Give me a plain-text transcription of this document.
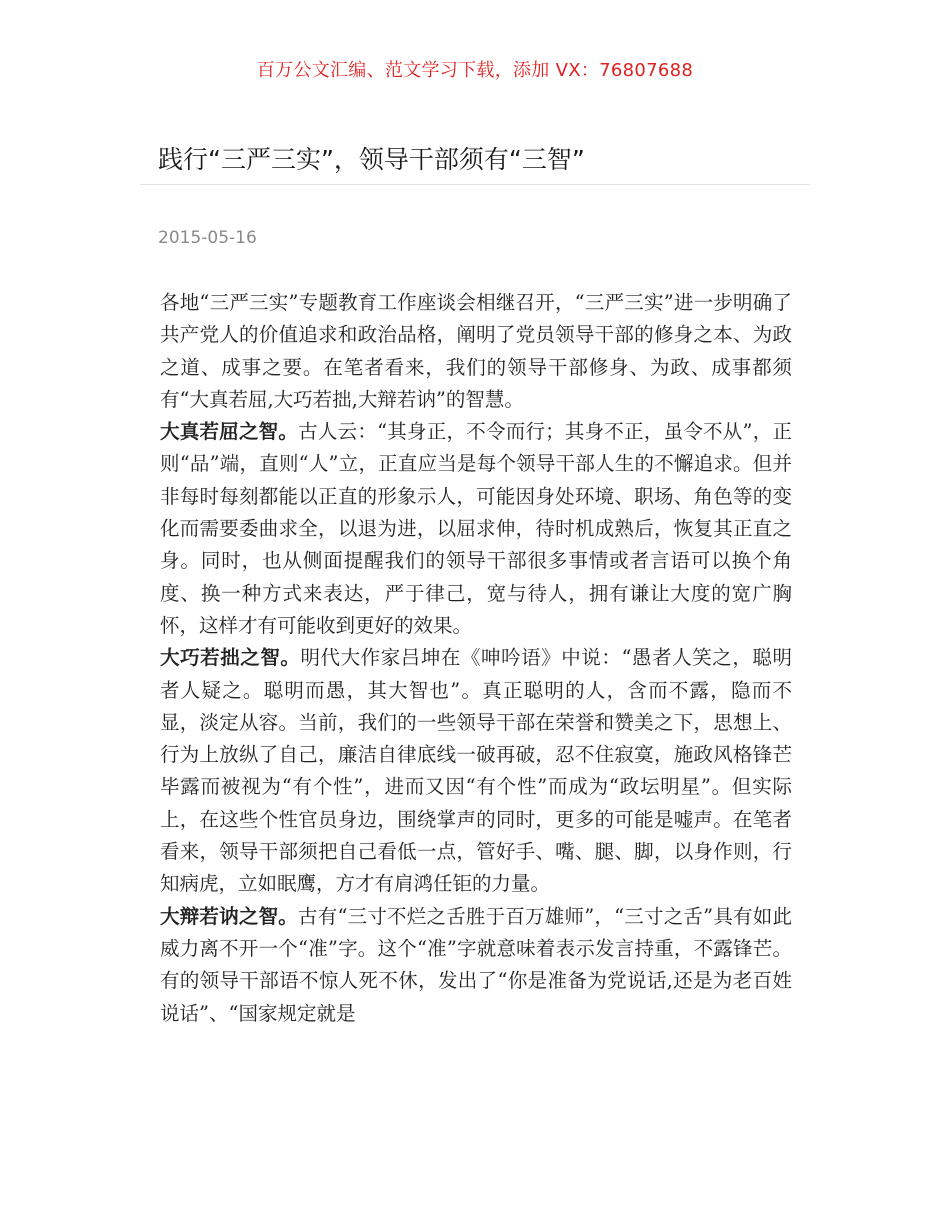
百万公文汇编、范文学习下载，添加 VX：76807688
践行“三严三实”，领导干部须有“三智”
2015-05-16

各地“三严三实”专题教育工作座谈会相继召开，“三严三实”进一步明确了共产党人的价值追求和政治品格，阐明了党员领导干部的修身之本、为政之道、成事之要。在笔者看来，我们的领导干部修身、为政、成事都须有“大真若屈,大巧若拙,大辩若讷”的智慧。

大真若屈之智。古人云：“其身正，不令而行；其身不正，虽令不从”，正则“品”端，直则“人”立，正直应当是每个领导干部人生的不懈追求。但并非每时每刻都能以正直的形象示人，可能因身处环境、职场、角色等的变化而需要委曲求全，以退为进，以屈求伸，待时机成熟后，恢复其正直之身。同时，也从侧面提醒我们的领导干部很多事情或者言语可以换个角度、换一种方式来表达，严于律己，宽与待人，拥有谦让大度的宽广胸怀，这样才有可能收到更好的效果。

大巧若拙之智。明代大作家吕坤在《呻吟语》中说：“愚者人笑之，聪明者人疑之。聪明而愚，其大智也”。真正聪明的人，含而不露，隐而不显，淡定从容。当前，我们的一些领导干部在荣誉和赞美之下，思想上、行为上放纵了自己，廉洁自律底线一破再破，忍不住寂寞，施政风格锋芒毕露而被视为“有个性”，进而又因“有个性”而成为“政坛明星”。但实际上，在这些个性官员身边，围绕掌声的同时，更多的可能是嘘声。在笔者看来，领导干部须把自己看低一点，管好手、嘴、腿、脚，以身作则，行知病虎，立如眠鹰，方才有肩鸿任钜的力量。

大辩若讷之智。古有“三寸不烂之舌胜于百万雄师”，“三寸之舌”具有如此威力离不开一个“准”字。这个“准”字就意味着表示发言持重，不露锋芒。有的领导干部语不惊人死不休，发出了“你是准备为党说话,还是为老百姓说话”、“国家规定就是
